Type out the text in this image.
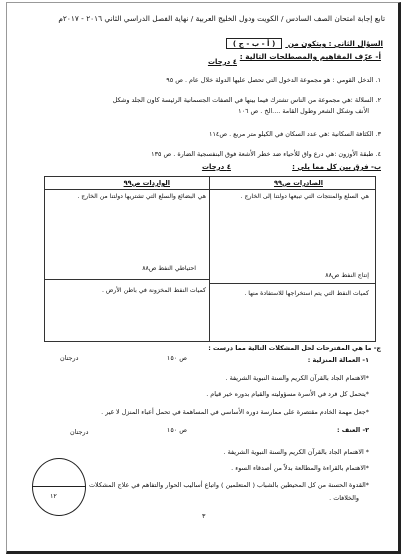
تابع إجابة امتحان الصف السادس / الكويت ودول الخليج العربية / نهاية الفصل الدراسي الثاني ٢٠١٦ - ٢٠١٧م
السؤال الثاني : ويتكون من ( أ - ب - ج )
أ- عرّف المفاهيم والمصطلحات التالية :
٤ درجات
١. الدخل القومي : هو مجموعة الدخول التي تحصل عليها الدولة خلال عام . ص ٩٥
٢. السلالة :هي مجموعة من الناس تشترك فيما بينها في الصفات الجسمانية الرئيسة كاون الجلد وشكل
الأنف وشكل الشعر وطول القامة ....الخ . ص ١٠٦
٣. الكثافة السكانية :هي عدد السكان في الكيلو متر مربع . ص١١٤
٤. طبقة الأوزون :هي درع واق للأحياء ضد خطر الأشعة فوق البنفسجية الضارة . ص ١٣٥
ب- فرق بين كل مما يلي :
٤ درجات
الصادرات ص٩٩
هي السلع والمنتجات التي تبيعها دولتنا إلى الخارج .
إنتاج النفط ص٨٨
كميات النفط التي يتم استخراجها للاستفادة منها .
الواردات ص٩٩
هي البضائع والسلع التي تشتريها دولتنا من الخارج .
احتياطي النفط ص٨٨
كميات النفط المخزونة في باطن الأرض .
ج- ما هي المقترحات لحل المشكلات التالية مما درست :
١- العمالة المنزلية :
ص ١٥٠
درجتان
*الاهتمام الجاد بالقرآن الكريم والسنة النبوية الشريفة .
*يتحمل كل فرد في الأسرة مسؤوليته والقيام بدوره خير قيام .
*جعل مهمة الخادم مقتصرة على ممارسة دوره الأساسي في المساهمة في تحمل أعباء المنزل لا غير .
٢- العنف :
ص ١٥٠
درجتان
* الاهتمام الجاد بالقرآن الكريم والسنة النبوية الشريفة .
*الاهتمام بالقراءة والمطالعة بدلاً من أصدقاء السوء .
*القدوة الحسنة من كل المحيطين بالشباب ( المتعلمين ) واتباع أساليب الحوار والتفاهم في علاج المشكلات
والخلافات .
١٢
٣
